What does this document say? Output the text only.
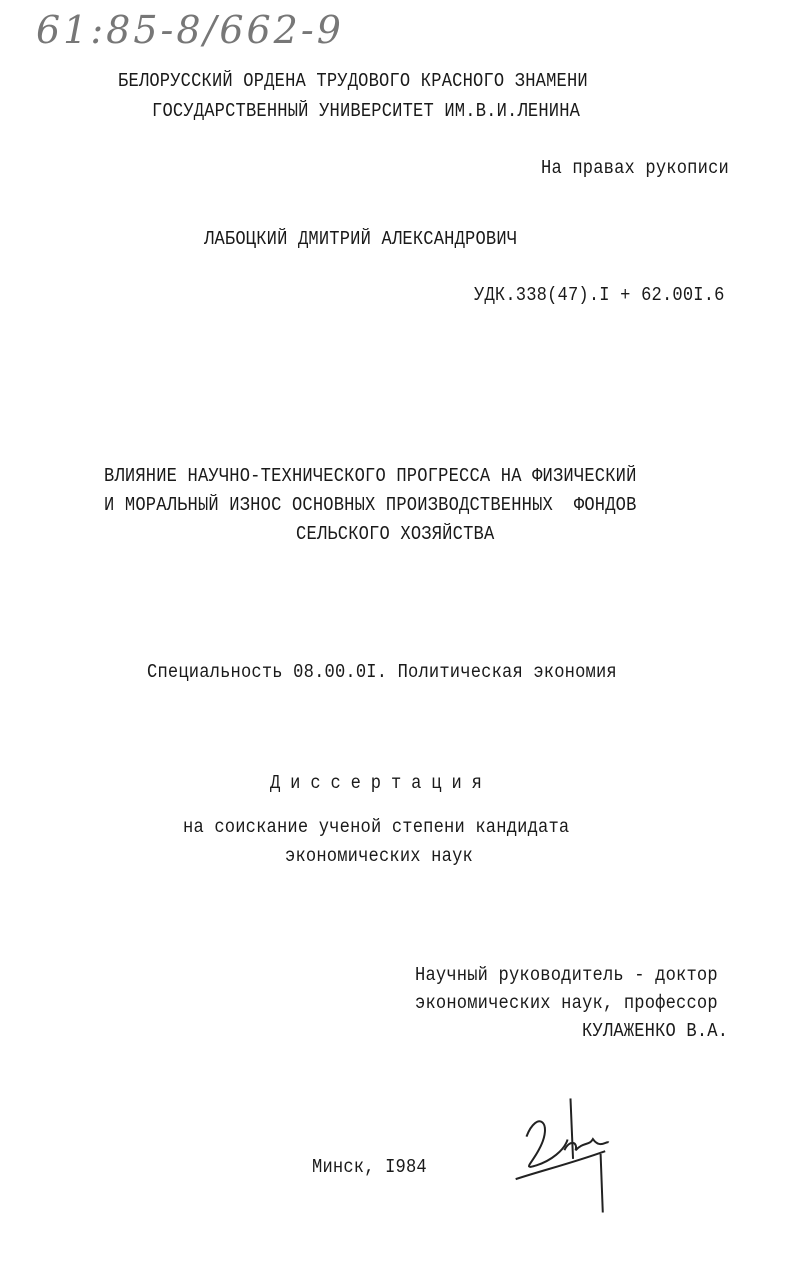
61:85-8/662-9
БЕЛОРУССКИЙ ОРДЕНА ТРУДОВОГО КРАСНОГО ЗНАМЕНИ
ГОСУДАРСТВЕННЫЙ УНИВЕРСИТЕТ ИМ.В.И.ЛЕНИНА
На правах рукописи
ЛАБОЦКИЙ ДМИТРИЙ АЛЕКСАНДРОВИЧ
УДК.338(47).I + 62.00I.6
ВЛИЯНИЕ НАУЧНО-ТЕХНИЧЕСКОГО ПРОГРЕССА НА ФИЗИЧЕСКИЙ
И МОРАЛЬНЫЙ ИЗНОС ОСНОВНЫХ ПРОИЗВОДСТВЕННЫХ  ФОНДОВ
СЕЛЬСКОГО ХОЗЯЙСТВА
Специальность 08.00.0I. Политическая экономия
Диссертация
на соискание ученой степени кандидата
экономических наук
Научный руководитель - доктор
экономических наук, профессор
КУЛАЖЕНКО В.А.
Минск, I984
